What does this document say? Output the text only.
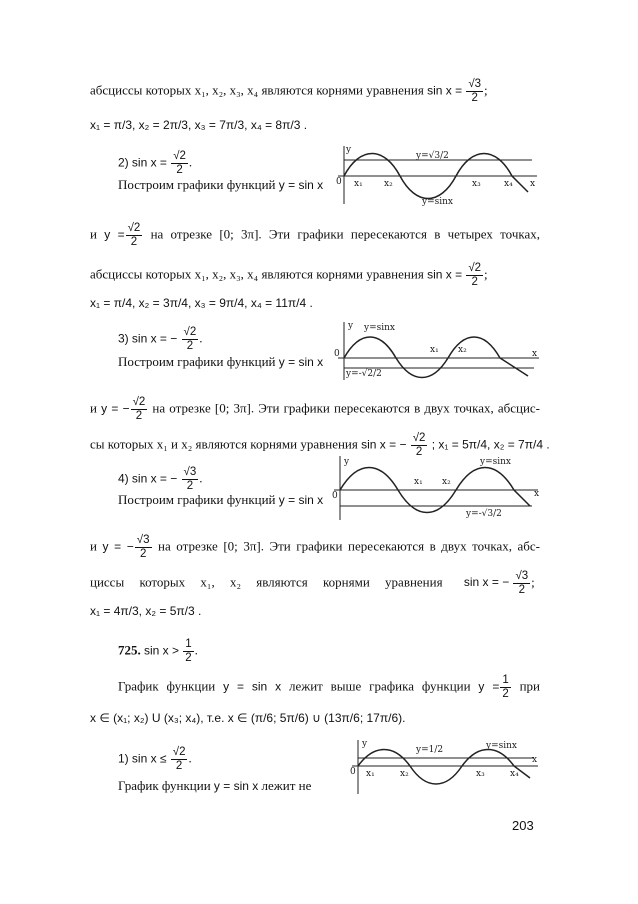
абсциссы которых x₁, x₂, x₃, x₄ являются корнями уравнения $\sin x = \frac{√3}{2}$ ;
x₁ = π/3, x₂ = 2π/3, x₃ = 7π/3, x₄ = 8π/3 .
2) $\sin x = \frac{√2}{2}$ .
Построим графики функций y = sin x
y
x
0
y=√3/2
y=sinx
x₁ x₂	x₃	x₄
и $y = \frac{√2}{2}$ на отрезке [0; 3π]. Эти графики пересекаются в четырех точках,
абсциссы которых x₁, x₂, x₃, x₄ являются корнями уравнения $\sin x = \frac{√2}{2}$ ;
x₁ = π/4, x₂ = 3π/4, x₃ = 9π/4, x₄ = 11π/4 .
3) sin x = − $\frac{√2}{2}$ .
Построим графики функций y = sin x
y
x
0
y=-√2/2
y=sinx
x₁ x₂
и y = − $\frac{√2}{2}$ на отрезке [0; 3π]. Эти графики пересекаются в двух точках, абсцис-
сы которых x₁ и x₂ являются корнями уравнения sin x = − $\frac{√2}{2}$ ; x₁ = 5π/4, x₂ = 7π/4 .
4) sin x = − $\frac{√3}{2}$ .
Построим графики функций y = sin x
y
x
0
y=-√3/2
y=sinx
x₁ x₂
и y = − $\frac{√3}{2}$ на отрезке [0; 3π]. Эти графики пересекаются в двух точках, абс-
циссы которых x₁, x₂ являются корнями уравнения sin x = − $\frac{√3}{2}$ ;
x₁ = 4π/3, x₂ = 5π/3 .
725. $\sin x > \frac{1}{2}$ .
График функции y = sin x лежит выше графика функции $y = \frac{1}{2}$ при
x ∈ (x₁; x₂) U (x₃; x₄), т.е. x ∈ (π/6; 5π/6) ∪ (13π/6; 17π/6).
1) $\sin x \le \frac{√2}{2}$ .
График функции y = sin x лежит не
y
x
0
y=1/2	y=sinx
x₁	x₂	x₃	x₄
203
